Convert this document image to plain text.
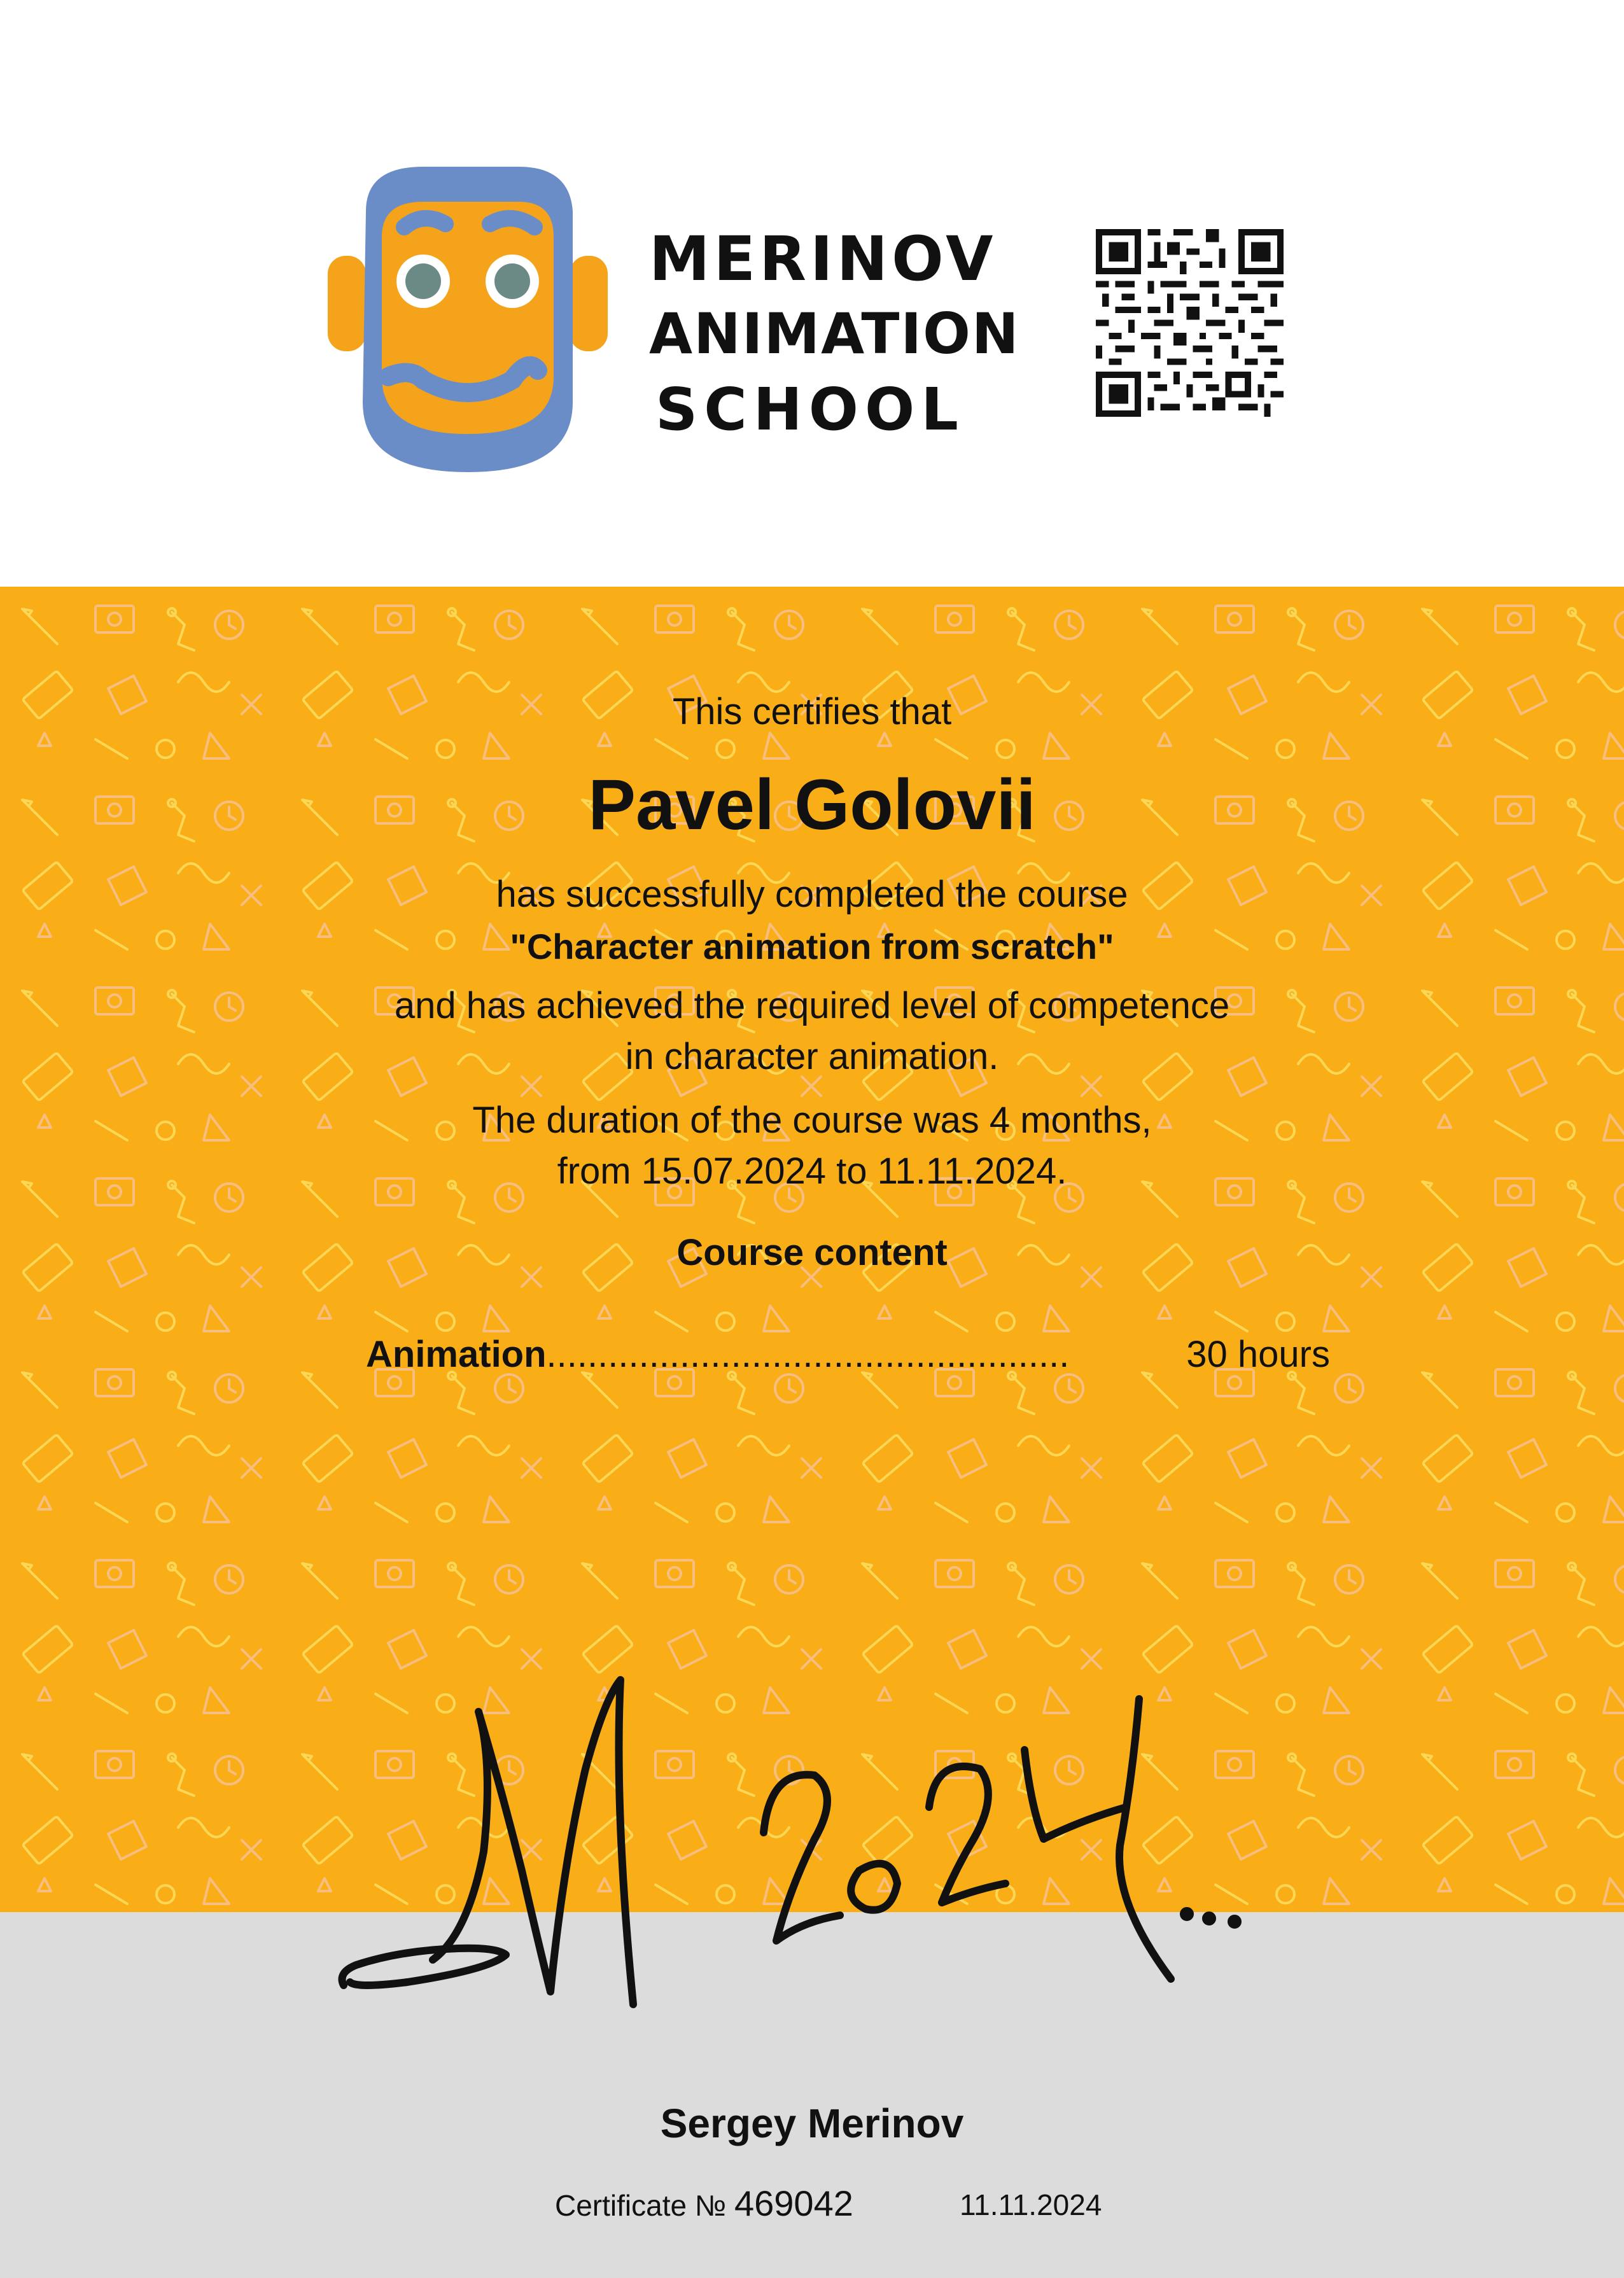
MERINOV
ANIMATION
SCHOOL
This certifies that
Pavel Golovii
has successfully completed the course
"Character animation from scratch"
and has achieved the required level of competence
in character animation.
The duration of the course was 4 months,
from 15.07.2024 to 11.11.2024.
Course content
Animation ...................................................	30 hours
Sergey Merinov
Certificate № 469042	11.11.2024
